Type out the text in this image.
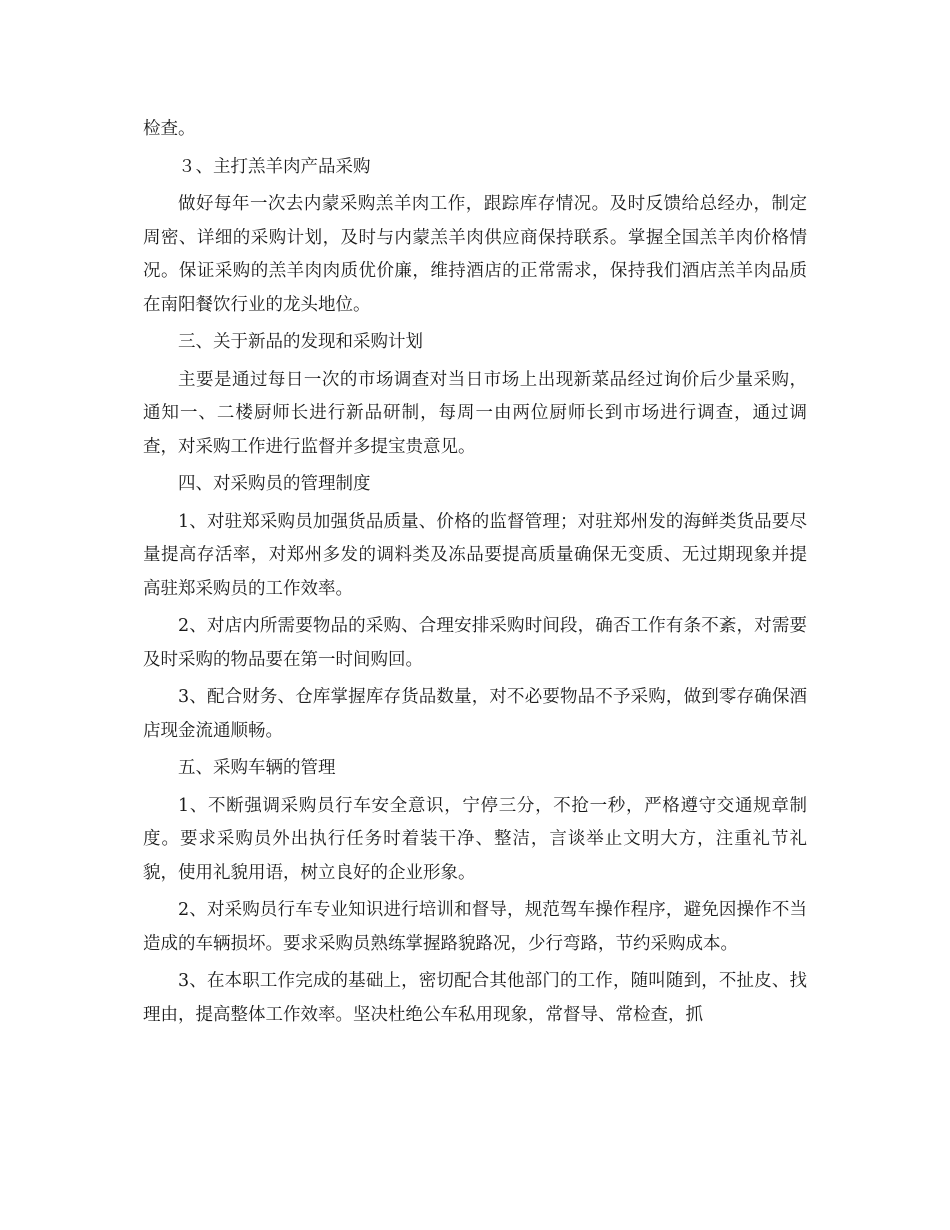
检查。

３、主打羔羊肉产品采购

做好每年一次去内蒙采购羔羊肉工作，跟踪库存情况。及时反馈给总经办，制定周密、详细的采购计划，及时与内蒙羔羊肉供应商保持联系。掌握全国羔羊肉价格情况。保证采购的羔羊肉肉质优价廉，维持酒店的正常需求，保持我们酒店羔羊肉品质在南阳餐饮行业的龙头地位。

三、关于新品的发现和采购计划

主要是通过每日一次的市场调查对当日市场上出现新菜品经过询价后少量采购，通知一、二楼厨师长进行新品研制，每周一由两位厨师长到市场进行调查，通过调查，对采购工作进行监督并多提宝贵意见。

四、对采购员的管理制度

1、对驻郑采购员加强货品质量、价格的监督管理；对驻郑州发的海鲜类货品要尽量提高存活率，对郑州多发的调料类及冻品要提高质量确保无变质、无过期现象并提高驻郑采购员的工作效率。

2、对店内所需要物品的采购、合理安排采购时间段，确否工作有条不紊，对需要及时采购的物品要在第一时间购回。

3、配合财务、仓库掌握库存货品数量，对不必要物品不予采购，做到零存确保酒店现金流通顺畅。

五、采购车辆的管理

1、不断强调采购员行车安全意识，宁停三分，不抢一秒，严格遵守交通规章制度。要求采购员外出执行任务时着装干净、整洁，言谈举止文明大方，注重礼节礼貌，使用礼貌用语，树立良好的企业形象。

2、对采购员行车专业知识进行培训和督导，规范驾车操作程序，避免因操作不当造成的车辆损坏。要求采购员熟练掌握路貌路况，少行弯路，节约采购成本。

3、在本职工作完成的基础上，密切配合其他部门的工作，随叫随到，不扯皮、找理由，提高整体工作效率。坚决杜绝公车私用现象，常督导、常检查，抓
